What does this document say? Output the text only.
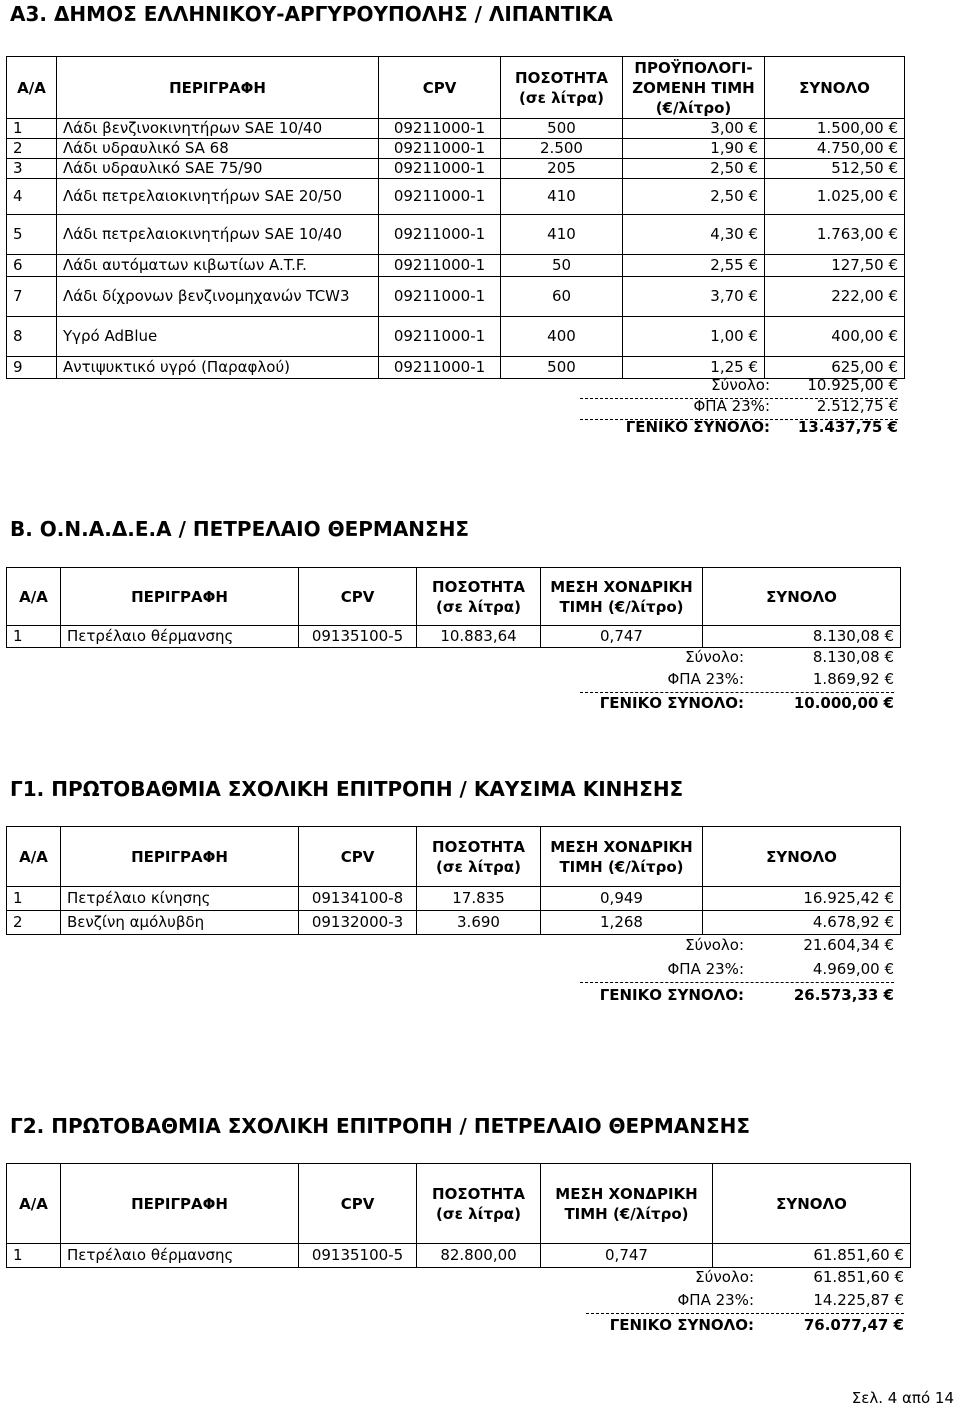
Α3. ΔΗΜΟΣ ΕΛΛΗΝΙΚΟΥ-ΑΡΓΥΡΟΥΠΟΛΗΣ / ΛΙΠΑΝΤΙΚΑ
Α/Α	ΠΕΡΙΓΡΑΦΗ	CPV	ΠΟΣΟΤΗΤΑ (σε λίτρα)	ΠΡΟΫΠΟΛΟΓΙ-ΖΟΜΕΝΗ ΤΙΜΗ (€/λίτρο)	ΣΥΝΟΛΟ
1	Λάδι βενζινοκινητήρων SAE 10/40	09211000-1	500	3,00 €	1.500,00 €
2	Λάδι υδραυλικό SA 68	09211000-1	2.500	1,90 €	4.750,00 €
3	Λάδι υδραυλικό SAE 75/90	09211000-1	205	2,50 €	512,50 €
4	Λάδι πετρελαιοκινητήρων SAE 20/50	09211000-1	410	2,50 €	1.025,00 €
5	Λάδι πετρελαιοκινητήρων SAE 10/40	09211000-1	410	4,30 €	1.763,00 €
6	Λάδι αυτόματων κιβωτίων A.T.F.	09211000-1	50	2,55 €	127,50 €
7	Λάδι δίχρονων βενζινομηχανών TCW3	09211000-1	60	3,70 €	222,00 €
8	Υγρό AdBlue	09211000-1	400	1,00 €	400,00 €
9	Αντιψυκτικό υγρό (Παραφλού)	09211000-1	500	1,25 €	625,00 €
Σύνολο: 10.925,00 €
ΦΠΑ 23%:	2.512,75 €
ΓΕΝΙΚΟ ΣΥΝΟΛΟ: 13.437,75 €
Β. Ο.Ν.Α.Δ.Ε.Α / ΠΕΤΡΕΛΑΙΟ ΘΕΡΜΑΝΣΗΣ
Α/Α	ΠΕΡΙΓΡΑΦΗ	CPV	ΠΟΣΟΤΗΤΑ (σε λίτρα)	ΜΕΣΗ ΧΟΝΔΡΙΚΗ ΤΙΜΗ (€/λίτρο)	ΣΥΝΟΛΟ
1	Πετρέλαιο θέρμανσης	09135100-5	10.883,64	0,747	8.130,08 €
Σύνολο:	8.130,08 €
ΦΠΑ 23%:	1.869,92 €
ΓΕΝΙΚΟ ΣΥΝΟΛΟ:	10.000,00 €
Γ1. ΠΡΩΤΟΒΑΘΜΙΑ ΣΧΟΛΙΚΗ ΕΠΙΤΡΟΠΗ / ΚΑΥΣΙΜΑ ΚΙΝΗΣΗΣ
Α/Α	ΠΕΡΙΓΡΑΦΗ	CPV	ΠΟΣΟΤΗΤΑ (σε λίτρα)	ΜΕΣΗ ΧΟΝΔΡΙΚΗ ΤΙΜΗ (€/λίτρο)	ΣΥΝΟΛΟ
1	Πετρέλαιο κίνησης	09134100-8	17.835	0,949	16.925,42 €
2	Βενζίνη αμόλυβδη	09132000-3	3.690	1,268	4.678,92 €
Σύνολο:	21.604,34 €
ΦΠΑ 23%:	4.969,00 €
ΓΕΝΙΚΟ ΣΥΝΟΛΟ:	26.573,33 €
Γ2. ΠΡΩΤΟΒΑΘΜΙΑ ΣΧΟΛΙΚΗ ΕΠΙΤΡΟΠΗ / ΠΕΤΡΕΛΑΙΟ ΘΕΡΜΑΝΣΗΣ
Α/Α	ΠΕΡΙΓΡΑΦΗ	CPV	ΠΟΣΟΤΗΤΑ (σε λίτρα)	ΜΕΣΗ ΧΟΝΔΡΙΚΗ ΤΙΜΗ (€/λίτρο)	ΣΥΝΟΛΟ
1	Πετρέλαιο θέρμανσης	09135100-5	82.800,00	0,747	61.851,60 €
Σύνολο:	61.851,60 €
ΦΠΑ 23%:	14.225,87 €
ΓΕΝΙΚΟ ΣΥΝΟΛΟ:	76.077,47 €
Σελ. 4 από 14
